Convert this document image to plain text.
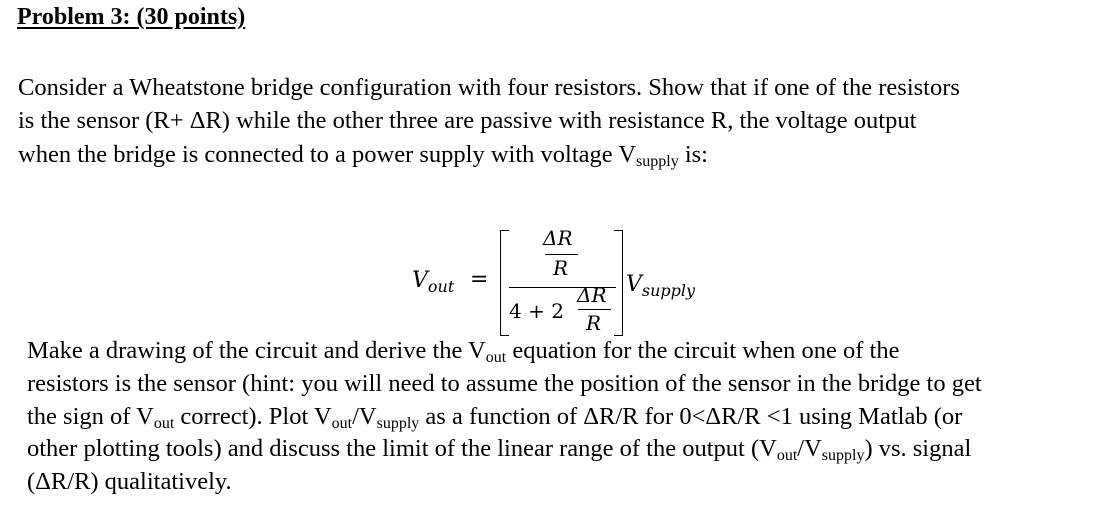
Problem 3: (30 points)
Consider a Wheatstone bridge configuration with four resistors. Show that if one of the resistors
is the sensor (R+ ΔR) while the other three are passive with resistance R, the voltage output
when the bridge is connected to a power supply with voltage $V_{supply}$ is:
$V_{out}$ =
ΔR
R
4 + 2
ΔR
R
$V_{supply}$
Make a drawing of the circuit and derive the $V_{out}$ equation for the circuit when one of the
resistors is the sensor (hint: you will need to assume the position of the sensor in the bridge to get
the sign of $V_{out}$ correct). Plot $V_{out}/V_{supply}$ as a function of ΔR/R for 0<ΔR/R <1 using Matlab (or
other plotting tools) and discuss the limit of the linear range of the output $(V_{out}/V_{supply})$ vs. signal
(ΔR/R) qualitatively.
